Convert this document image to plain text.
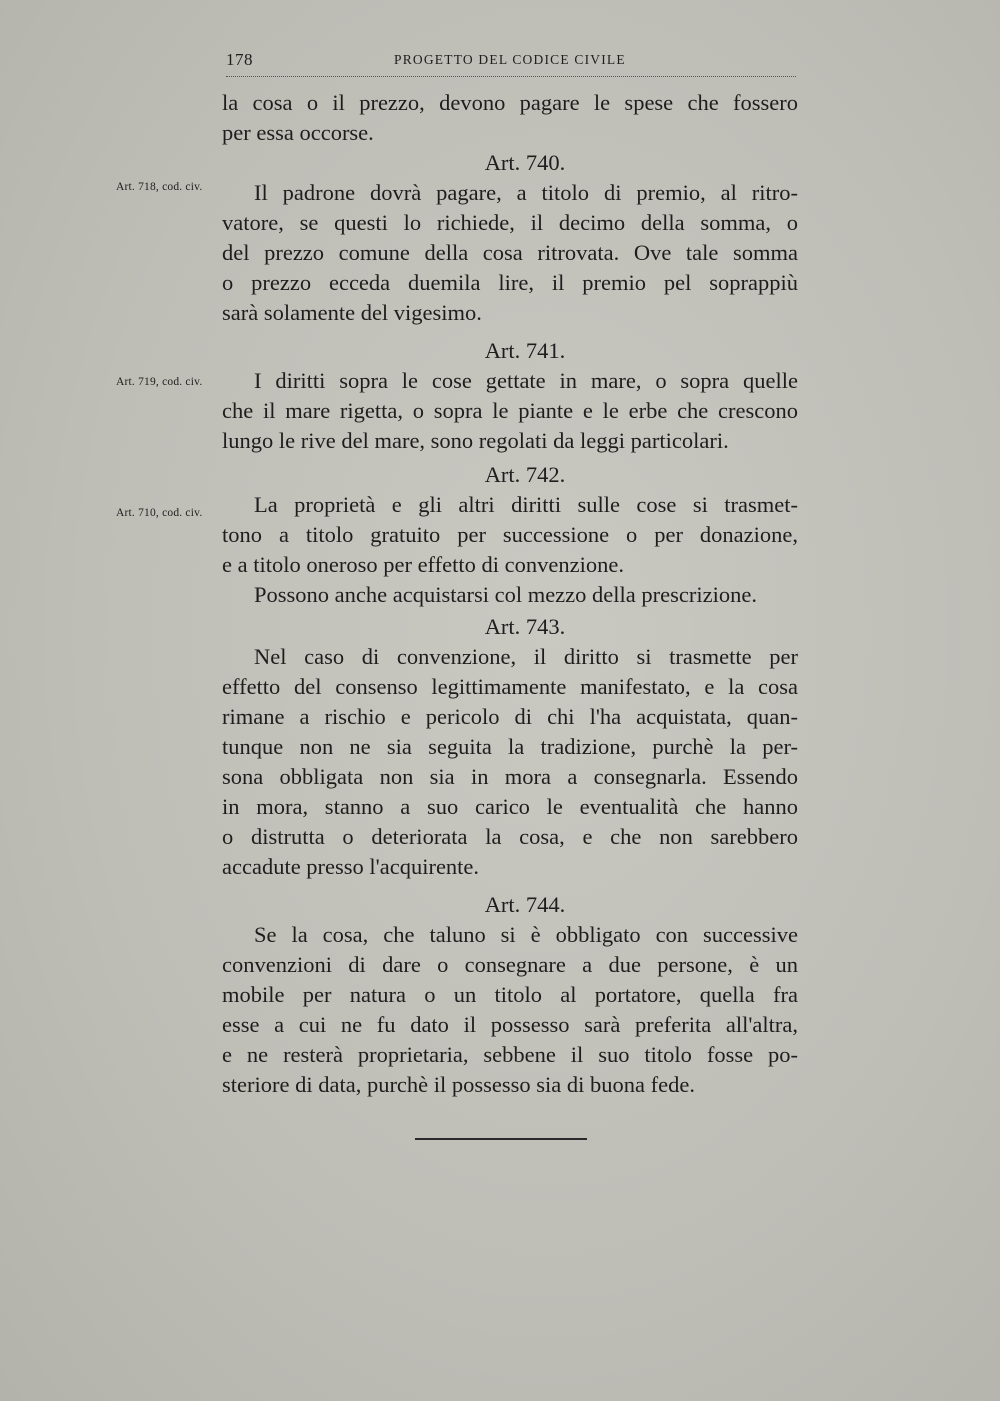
178	PROGETTO DEL CODICE CIVILE
Art. 718, cod. civ.
Art. 719, cod. civ.
Art. 710, cod. civ.
la cosa o il prezzo, devono pagare le spese che fossero
per essa occorse.
Art. 740.
Il padrone dovrà pagare, a titolo di premio, al ritro-
vatore, se questi lo richiede, il decimo della somma, o
del prezzo comune della cosa ritrovata. Ove tale somma
o prezzo ecceda duemila lire, il premio pel soprappiù
sarà solamente del vigesimo.
Art. 741.
I diritti sopra le cose gettate in mare, o sopra quelle
che il mare rigetta, o sopra le piante e le erbe che crescono
lungo le rive del mare, sono regolati da leggi particolari.
Art. 742.
La proprietà e gli altri diritti sulle cose si trasmet-
tono a titolo gratuito per successione o per donazione,
e a titolo oneroso per effetto di convenzione.
Possono anche acquistarsi col mezzo della prescrizione.
Art. 743.
Nel caso di convenzione, il diritto si trasmette per
effetto del consenso legittimamente manifestato, e la cosa
rimane a rischio e pericolo di chi l'ha acquistata, quan-
tunque non ne sia seguita la tradizione, purchè la per-
sona obbligata non sia in mora a consegnarla. Essendo
in mora, stanno a suo carico le eventualità che hanno
o distrutta o deteriorata la cosa, e che non sarebbero
accadute presso l'acquirente.
Art. 744.
Se la cosa, che taluno si è obbligato con successive
convenzioni di dare o consegnare a due persone, è un
mobile per natura o un titolo al portatore, quella fra
esse a cui ne fu dato il possesso sarà preferita all'altra,
e ne resterà proprietaria, sebbene il suo titolo fosse po-
steriore di data, purchè il possesso sia di buona fede.
